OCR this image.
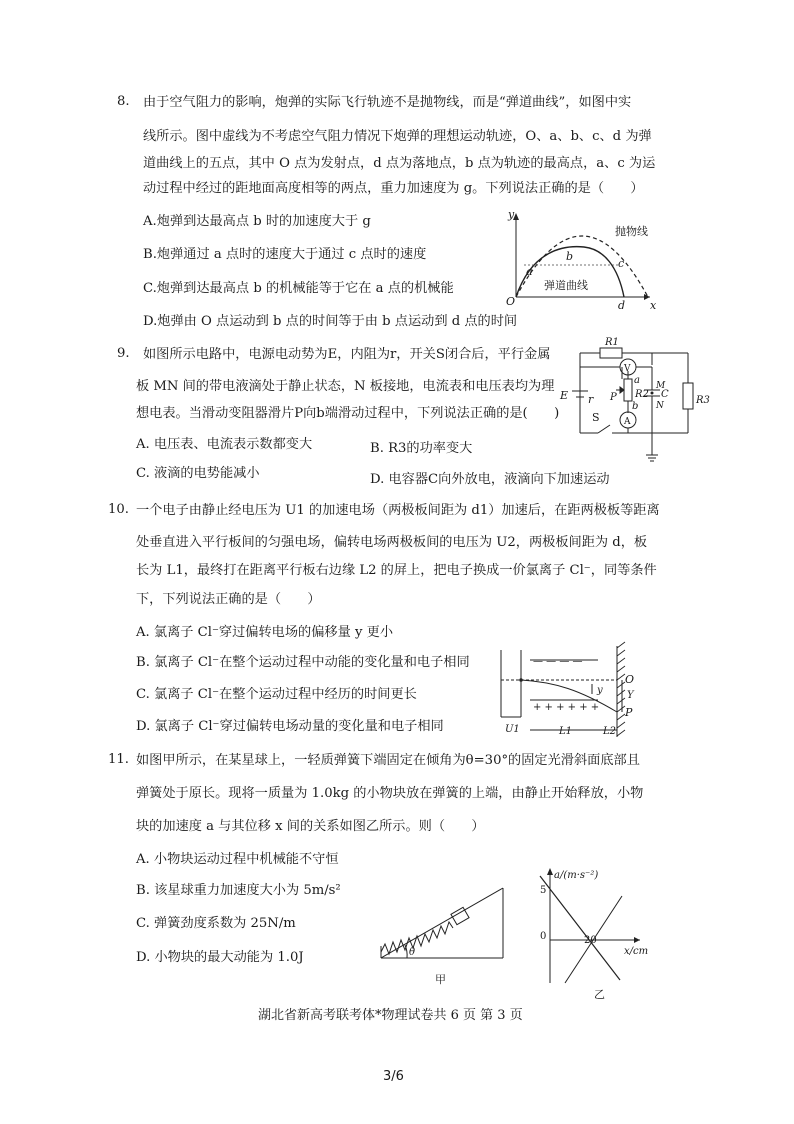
8. 由于空气阻力的影响，炮弹的实际飞行轨迹不是抛物线，而是“弹道曲线”，如图中实
线所示。图中虚线为不考虑空气阻力情况下炮弹的理想运动轨迹，O、a、b、c、d 为弹
道曲线上的五点，其中 O 点为发射点，d 点为落地点，b 点为轨迹的最高点，a、c 为运
动过程中经过的距地面高度相等的两点，重力加速度为 g。下列说法正确的是（　　）
A.炮弹到达最高点 b 时的加速度大于 g
B.炮弹通过 a 点时的速度大于通过 c 点时的速度
C.炮弹到达最高点 b 的机械能等于它在 a 点的机械能
D.炮弹由 O 点运动到 b 点的时间等于由 b 点运动到 d 点的时间
y
x
O
a
b
c
d
抛物线
弹道曲线
9. 如图所示电路中，电源电动势为E，内阻为r，开关S闭合后，平行金属
板 MN 间的带电液滴处于静止状态，N 板接地，电流表和电压表均为理
想电表。当滑动变阻器滑片P向b端滑动过程中，下列说法正确的是(　　)
A. 电压表、电流表示数都变大	B. R3的功率变大
C. 液滴的电势能减小	D. 电容器C向外放电，液滴向下加速运动
R1
V
a
P R2
b
A
M
C
N	R3
E r
S
10. 一个电子由静止经电压为 U1 的加速电场（两极板间距为 d1）加速后，在距两极板等距离
处垂直进入平行板间的匀强电场，偏转电场两极板间的电压为 U2，两极板间距为 d，板
长为 L1，最终打在距离平行板右边缘 L2 的屏上，把电子换成一价氯离子 Cl⁻，同等条件
下，下列说法正确的是（　　）
A. 氯离子 Cl⁻穿过偏转电场的偏移量 y 更小
B. 氯离子 Cl⁻在整个运动过程中动能的变化量和电子相同
C. 氯离子 Cl⁻在整个运动过程中经历的时间更长
D. 氯离子 Cl⁻穿过偏转电场动量的变化量和电子相同
— — — —
+ + + + + +
y
O
Y
P
U1	L1	L2
11. 如图甲所示，在某星球上，一轻质弹簧下端固定在倾角为θ=30°的固定光滑斜面底部且
弹簧处于原长。现将一质量为 1.0kg 的小物块放在弹簧的上端，由静止开始释放，小物
块的加速度 a 与其位移 x 间的关系如图乙所示。则（　　）
A. 小物块运动过程中机械能不守恒
B. 该星球重力加速度大小为 5m/s²
C. 弹簧劲度系数为 25N/m
D. 小物块的最大动能为 1.0J	θ
甲
a/(m·s⁻²)
x/cm
5
0	20
乙
湖北省新高考联考体*物理试卷共 6 页 第 3 页
3/6
